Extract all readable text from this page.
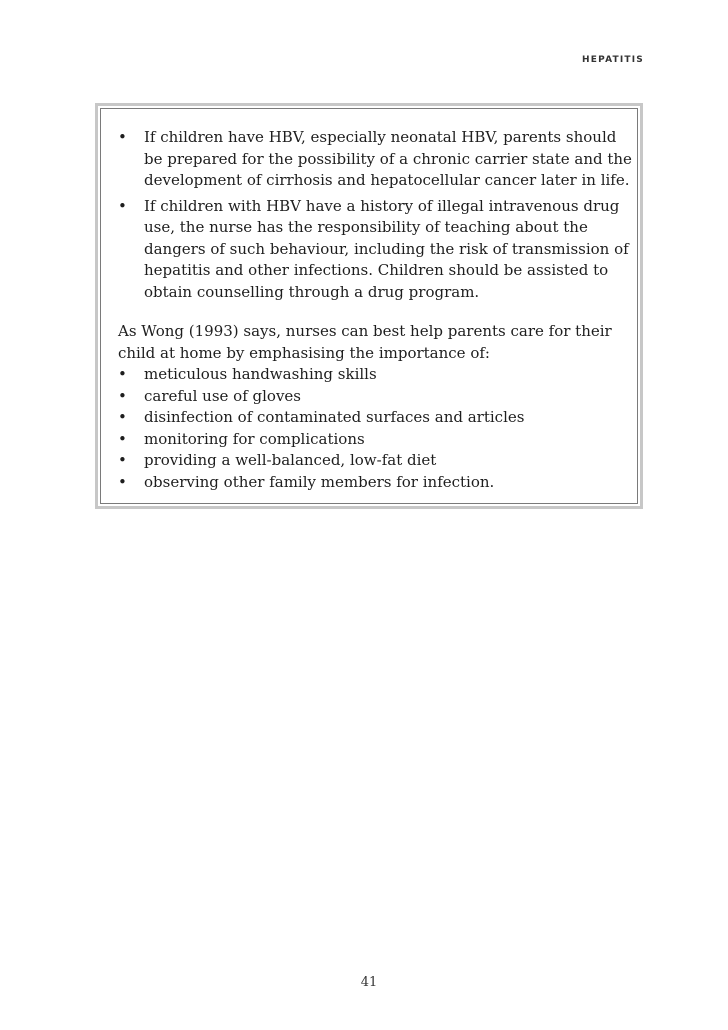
HEPATITIS
•	If children have HBV, especially neonatal HBV, parents should be prepared for the possibility of a chronic carrier state and the development of cirrhosis and hepatocellular cancer later in life.
•	If children with HBV have a history of illegal intravenous drug use, the nurse has the responsibility of teaching about the dangers of such behaviour, including the risk of transmission of hepatitis and other infections. Children should be assisted to obtain counselling through a drug program.

As Wong (1993) says, nurses can best help parents care for their child at home by emphasising the importance of:

•	meticulous handwashing skills
•	careful use of gloves
•	disinfection of contaminated surfaces and articles
•	monitoring for complications
•	providing a well-balanced, low-fat diet
•	observing other family members for infection.
41
